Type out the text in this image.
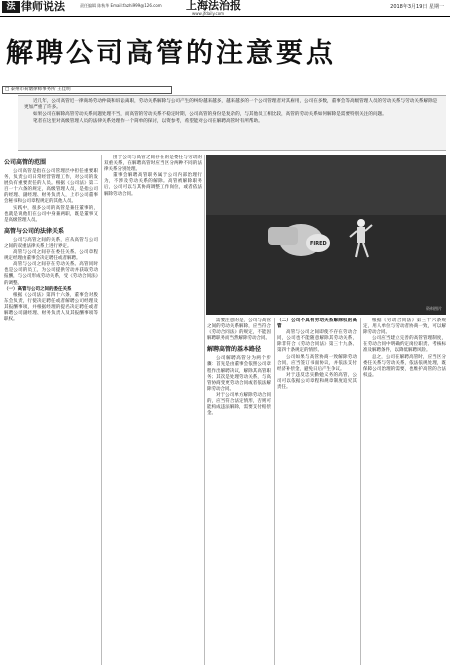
法 律师说法	责任编辑 陈秋华 Email:fazhi999@126.com 上海法治报
www.jfdaily.com
2018年3月19日 星期一
解聘公司高管的注意要点
□ 泰州市荷塘律师事务所 王佳明

近几年，公司高管近一律商场劳动仲裁和诉讼离职，劳动关系解除与公司产生的纠纷越来越多，越来越多的一个公司管理者对其雇用，公司在多数，董事会等高级管理人员的劳动关系与劳动关系解除是更加严重了许多。

如果公司在解除高管劳动关系问题处理不当，而高管的劳动关系不稳定时期，公司高管的身份是复杂的，与其他员工相比较，高管的劳动关系如何解除是需要特别关注的问题。

笔者在这里对高级管理人员的法律关系处理作一个简单的探讨，以资参考，希望能对公司在解聘高管时有所帮助。

公司高管的范围

公司高管是指在公司管理层中担任重要职务，负责公司日常经营管理工作，对公司的发展负有重要责任的人员。根据《公司法》第二百一十六条的规定，高级管理人员，是指公司的经理、副经理、财务负责人，上市公司董事会秘书和公司章程规定的其他人员。

实践中，很多公司的高管是兼任董事的，也就是说他们在公司中身兼两职，既是董事又是高级管理人员。

高管与公司的法律关系

公司与高管之间的关系，应从高管与公司之间的双重法律关系上进行界定。

高管与公司之间存在委任关系。公司章程规定经理由董事会决定聘任或者解聘。

高管与公司之间存在劳动关系。高管同时也是公司的员工，为公司提供劳动并获取劳动报酬，与公司形成劳动关系，受《劳动合同法》的调整。

（一）高管与公司之间的委任关系

根据《公司法》第四十六条，董事会对股东会负责，行使决定聘任或者解聘公司经理及其报酬事项，并根据经理的提名决定聘任或者解聘公司副经理、财务负责人及其报酬事项等职权。

由于公司与高管之间存在的是委任与劳动的双重关系，在解聘高管时应当区分两种不同的法律关系分别处理。

董事会解聘高管职务属于公司内部治理行为，不涉及劳动关系的解除。高管被解除职务后，公司可以与其协商调整工作岗位，或者依法解除劳动合同。

FIRED
资料图片

需要注意的是，公司与高管之间的劳动关系解除，应当符合《劳动合同法》的规定，不能因解聘职务而当然解除劳动合同。

解聘高管的基本路径

公司解聘高管分为两个步骤：首先是由董事会依照公司章程作出解聘决议，解除其高管职务；其次是处理劳动关系，与高管协商变更劳动合同或者依法解除劳动合同。

对于公司单方解除劳动合同的，应当符合法定情形，否则可能构成违法解除，需要支付赔偿金。

（二）公司不具有劳动关系解除权的高管

高管与公司之间即使不存在劳动合同，公司也不能随意解除其劳动关系，除非符合《劳动合同法》第三十九条、第四十条规定的情形。

公司如果与高管协商一致解除劳动合同，应当签订书面协议，并依法支付经济补偿金，避免日后产生争议。

对于违反忠实勤勉义务的高管，公司可以依据公司章程和规章制度追究其责任。

根据《劳动合同法》第三十六条规定，用人单位与劳动者协商一致，可以解除劳动合同。

公司应当建立完善的高管管理制度，在劳动合同中明确约定岗位职责、考核标准及解聘条件，以降低解聘风险。

总之，公司在解聘高管时，应当区分委任关系与劳动关系，依法依规处理，既保障公司治理的需要，也维护高管的合法权益。
